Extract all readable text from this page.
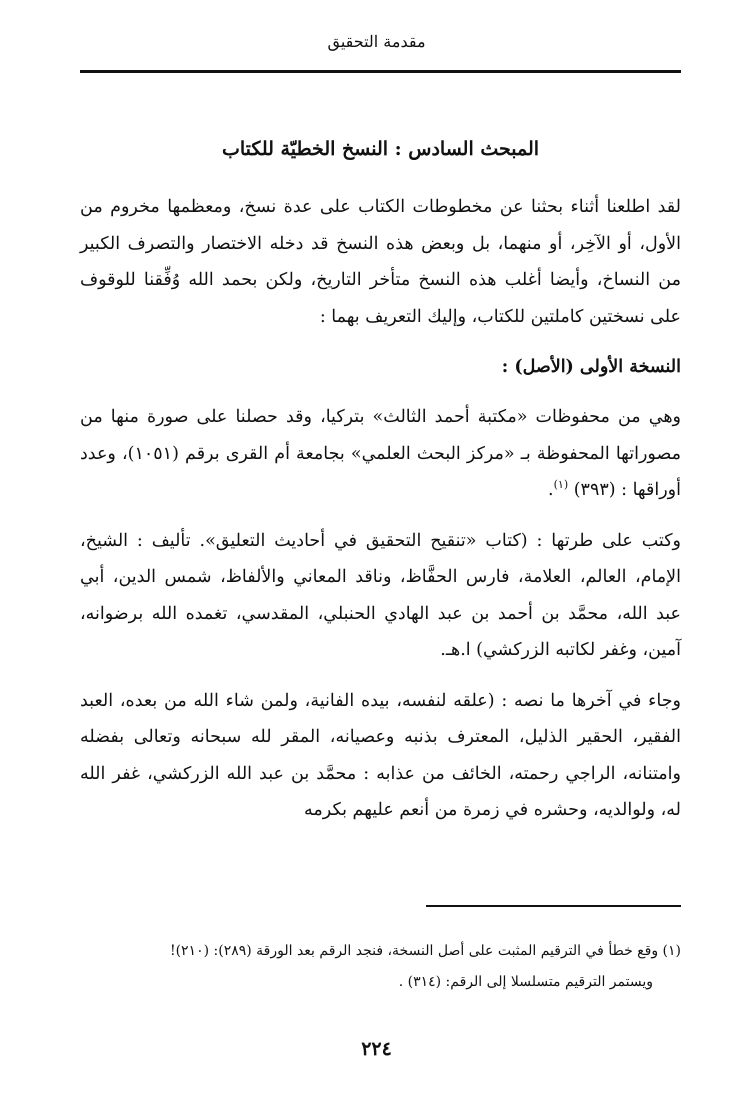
مقدمة التحقيق
المبحث السادس : النسخ الخطيّة للكتاب

لقد اطلعنا أثناء بحثنا عن مخطوطات الكتاب على عدة نسخ، ومعظمها مخروم من الأول، أو الآخِر، أو منهما، بل وبعض هذه النسخ قد دخله الاختصار والتصرف الكبير من النساخ، وأيضا أغلب هذه النسخ متأخر التاريخ، ولكن بحمد الله وُفِّقنا للوقوف على نسختين كاملتين للكتاب، وإليك التعريف بهما :

النسخة الأولى (الأصل) :

وهي من محفوظات «مكتبة أحمد الثالث» بتركيا، وقد حصلنا على صورة منها من مصوراتها المحفوظة بـ «مركز البحث العلمي» بجامعة أم القرى برقم (١٠٥١)، وعدد أوراقها : (٣٩٣) $^{(١)}$.

وكتب على طرتها : (كتاب «تنقيح التحقيق في أحاديث التعليق». تأليف : الشيخ، الإمام، العالم، العلامة، فارس الحفَّاظ، وناقد المعاني والألفاظ، شمس الدين، أبي عبد الله، محمَّد بن أحمد بن عبد الهادي الحنبلي، المقدسي، تغمده الله برضوانه، آمين، وغفر لكاتبه الزركشي) ا.هـ.

وجاء في آخرها ما نصه : (علقه لنفسه، بيده الفانية، ولمن شاء الله من بعده، العبد الفقير، الحقير الذليل، المعترف بذنبه وعصيانه، المقر لله سبحانه وتعالى بفضله وامتنانه، الراجي رحمته، الخائف من عذابه : محمَّد بن عبد الله الزركشي، غفر الله له، ولوالديه، وحشره في زمرة من أنعم عليهم بكرمه

(١) وقع خطأ في الترقيم المثبت على أصل النسخة، فنجد الرقم بعد الورقة (٢٨٩): (٢١٠)!
ويستمر الترقيم متسلسلا إلى الرقم: (٣١٤) .
٢٢٤
